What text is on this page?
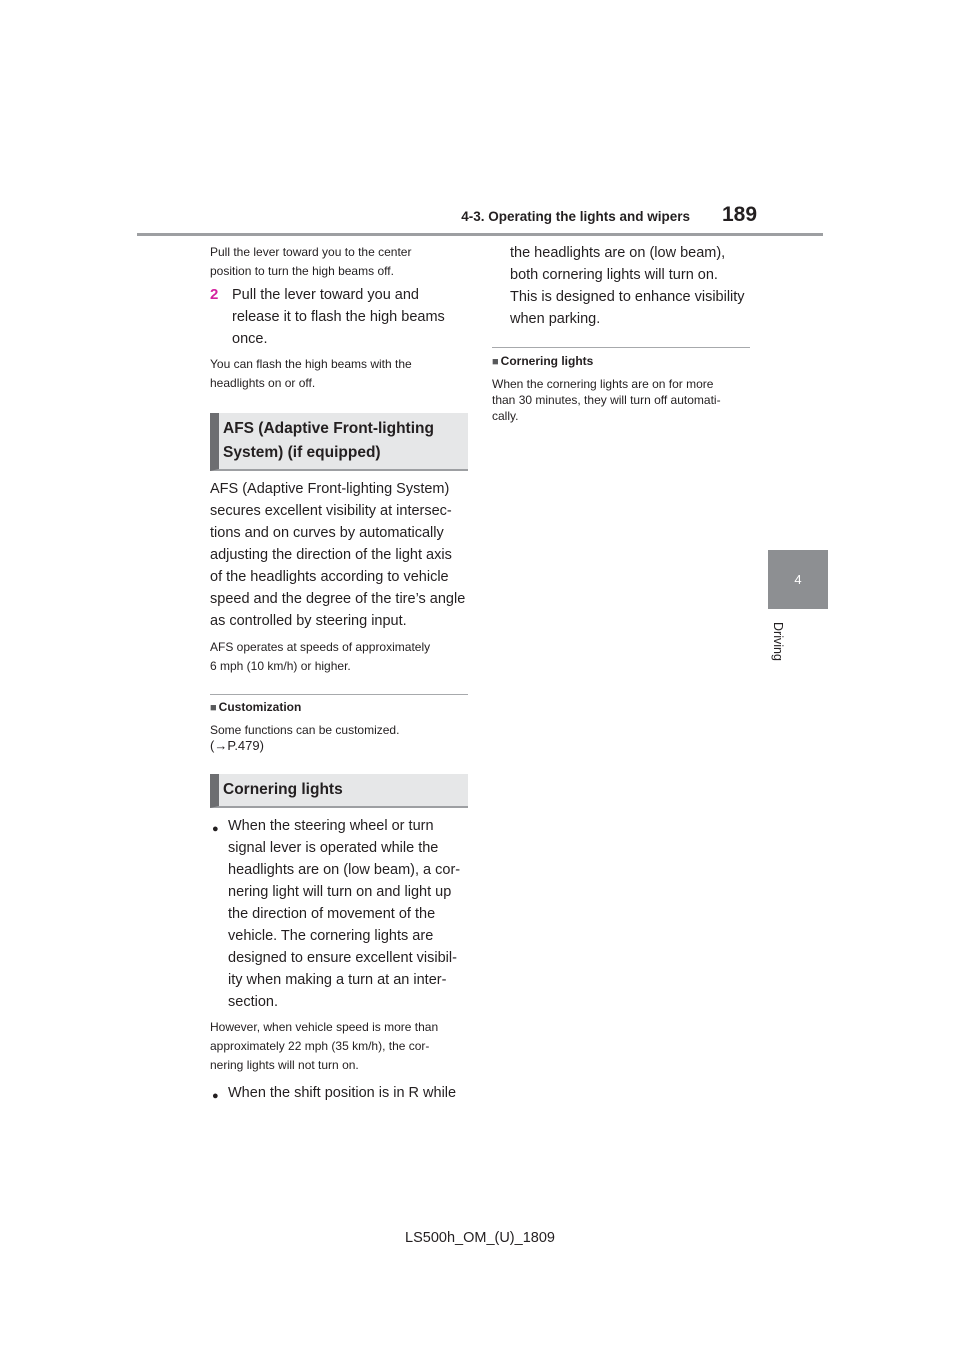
4-3. Operating the lights and wipers 189
4
Driving
Pull the lever toward you to the center
position to turn the high beams off.
2 Pull the lever toward you and
release it to flash the high beams
once.
You can flash the high beams with the
headlights on or off.
AFS (Adaptive Front-lighting
System) (if equipped)
AFS (Adaptive Front-lighting System)
secures excellent visibility at intersec-
tions and on curves by automatically
adjusting the direction of the light axis
of the headlights according to vehicle
speed and the degree of the tire’s angle
as controlled by steering input.
AFS operates at speeds of approximately
6 mph (10 km/h) or higher.
■ Customization
Some functions can be customized.
(→P.479)
Cornering lights
● When the steering wheel or turn
signal lever is operated while the
headlights are on (low beam), a cor-
nering light will turn on and light up
the direction of movement of the
vehicle. The cornering lights are
designed to ensure excellent visibil-
ity when making a turn at an inter-
section.
However, when vehicle speed is more than
approximately 22 mph (35 km/h), the cor-
nering lights will not turn on.
● When the shift position is in R while
the headlights are on (low beam),
both cornering lights will turn on.
This is designed to enhance visibility
when parking.
■ Cornering lights
When the cornering lights are on for more
than 30 minutes, they will turn off automati-
cally.
LS500h_OM_(U)_1809
